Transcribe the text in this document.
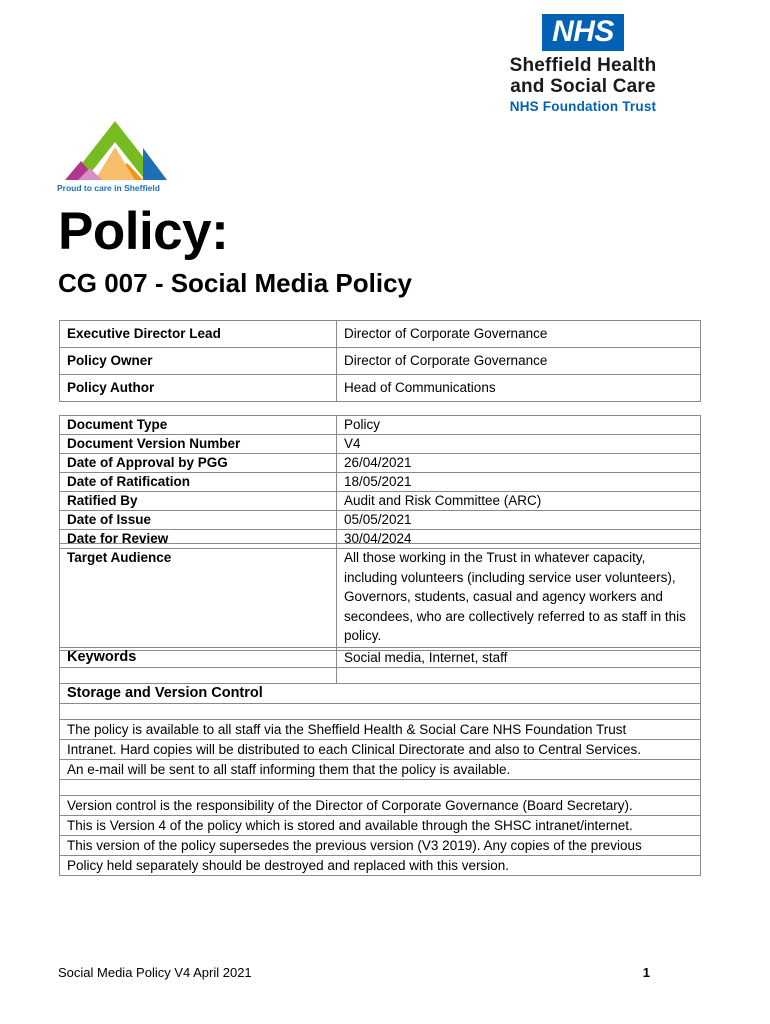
NHS
Sheffield Health
and Social Care
NHS Foundation Trust
Proud to care in Sheffield
Policy:
CG 007 - Social Media Policy
Executive Director Lead	Director of Corporate Governance
Policy Owner	Director of Corporate Governance
Policy Author	Head of Communications
Document Type	Policy
Document Version Number	V4
Date of Approval by PGG	26/04/2021
Date of Ratification	18/05/2021
Ratified By	Audit and Risk Committee (ARC)
Date of Issue	05/05/2021
Date for Review	30/04/2024
Target Audience	All those working in the Trust in whatever capacity, including volunteers (including service user volunteers), Governors, students, casual and agency workers and secondees, who are collectively referred to as staff in this policy.
Keywords	Social media, Internet, staff

Storage and Version Control	

The policy is available to all staff via the Sheffield Health & Social Care NHS Foundation Trust	
Intranet. Hard copies will be distributed to each Clinical Directorate and also to Central Services.	
An e-mail will be sent to all staff informing them that the policy is available.	

Version control is the responsibility of the Director of Corporate Governance (Board Secretary).	
This is Version 4 of the policy which is stored and available through the SHSC intranet/internet.	
This version of the policy supersedes the previous version (V3 2019). Any copies of the previous	
Policy held separately should be destroyed and replaced with this version.	
Social Media Policy V4 April 2021	1
